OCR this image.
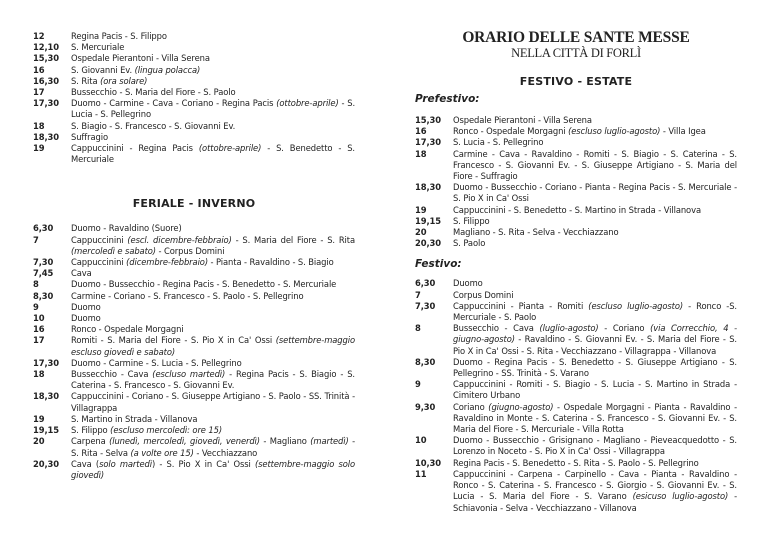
12	Regina Pacis - S. Filippo
12,10	S. Mercuriale
15,30	Ospedale Pierantoni - Villa Serena
16	S. Giovanni Ev. (lingua polacca)
16,30	S. Rita (ora solare)
17	Bussecchio - S. Maria del Fiore - S. Paolo
17,30	Duomo - Carmine - Cava - Coriano - Regina Pacis (ottobre-aprile) - S. Lucia - S. Pellegrino
18	S. Biagio - S. Francesco - S. Giovanni Ev.
18,30	Suffragio
19	Cappuccinini - Regina Pacis (ottobre-aprile) - S. Benedetto - S. Mercuriale
FERIALE - INVERNO
6,30	Duomo - Ravaldino (Suore)
7	Cappuccinini (escl. dicembre-febbraio) - S. Maria del Fiore - S. Rita (mercoledì e sabato) - Corpus Domini
7,30	Cappuccinini (dicembre-febbraio) - Pianta - Ravaldino - S. Biagio
7,45	Cava
8	Duomo - Bussecchio - Regina Pacis - S. Benedetto - S. Mercuriale
8,30	Carmine - Coriano - S. Francesco - S. Paolo - S. Pellegrino
9	Duomo
10	Duomo
16	Ronco - Ospedale Morgagni
17	Romiti - S. Maria del Fiore - S. Pio X in Ca' Ossi (settembre-maggio escluso giovedì e sabato)
17,30	Duomo - Carmine - S. Lucia - S. Pellegrino
18	Bussecchio - Cava (escluso martedì) - Regina Pacis - S. Biagio - S. Caterina - S. Francesco - S. Giovanni Ev.
18,30	Cappuccinini - Coriano - S. Giuseppe Artigiano - S. Paolo - SS. Trinità - Villagrappa
19	S. Martino in Strada - Villanova
19,15	S. Filippo (escluso mercoledì: ore 15)
20	Carpena (lunedì, mercoledì, giovedì, venerdì) - Magliano (martedì) - S. Rita - Selva (a volte ore 15) - Vecchiazzano
20,30	Cava (solo martedì) - S. Pio X in Ca' Ossi (settembre-maggio solo giovedì)
ORARIO DELLE SANTE MESSE
NELLA CITTÀ DI FORLÌ
FESTIVO - ESTATE
Prefestivo:
15,30	Ospedale Pierantoni - Villa Serena
16	Ronco - Ospedale Morgagni (escluso luglio-agosto) - Villa Igea
17,30	S. Lucia - S. Pellegrino
18	Carmine - Cava - Ravaldino - Romiti - S. Biagio - S. Caterina - S. Francesco - S. Giovanni Ev. - S. Giuseppe Artigiano - S. Maria del Fiore - Suffragio
18,30	Duomo - Bussecchio - Coriano - Pianta - Regina Pacis - S. Mercuriale - S. Pio X in Ca' Ossi
19	Cappuccinini - S. Benedetto - S. Martino in Strada - Villanova
19,15	S. Filippo
20	Magliano - S. Rita - Selva - Vecchiazzano
20,30	S. Paolo
Festivo:
6,30	Duomo
7	Corpus Domini
7,30	Cappuccinini - Pianta - Romiti (escluso luglio-agosto) - Ronco -S. Mercuriale - S. Paolo
8	Bussecchio - Cava (luglio-agosto) - Coriano (via Correcchio, 4 - giugno-agosto) - Ravaldino - S. Giovanni Ev. - S. Maria del Fiore - S. Pio X in Ca' Ossi - S. Rita - Vecchiazzano - Villagrappa - Villanova
8,30	Duomo - Regina Pacis - S. Benedetto - S. Giuseppe Artigiano - S. Pellegrino - SS. Trinità - S. Varano
9	Cappuccinini - Romiti - S. Biagio - S. Lucia - S. Martino in Strada - Cimitero Urbano
9,30	Coriano (giugno-agosto) - Ospedale Morgagni - Pianta - Ravaldino - Ravaldino in Monte - S. Caterina - S. Francesco - S. Giovanni Ev. - S. Maria del Fiore - S. Mercuriale - Villa Rotta
10	Duomo - Bussecchio - Grisignano - Magliano - Pieveacquedotto - S. Lorenzo in Noceto - S. Pio X in Ca' Ossi - Villagrappa
10,30	Regina Pacis - S. Benedetto - S. Rita - S. Paolo - S. Pellegrino
11	Cappuccinini - Carpena - Carpinello - Cava - Pianta - Ravaldino - Ronco - S. Caterina - S. Francesco - S. Giorgio - S. Giovanni Ev. - S. Lucia - S. Maria del Fiore - S. Varano (esicuso luglio-agosto) - Schiavonia - Selva - Vecchiazzano - Villanova
